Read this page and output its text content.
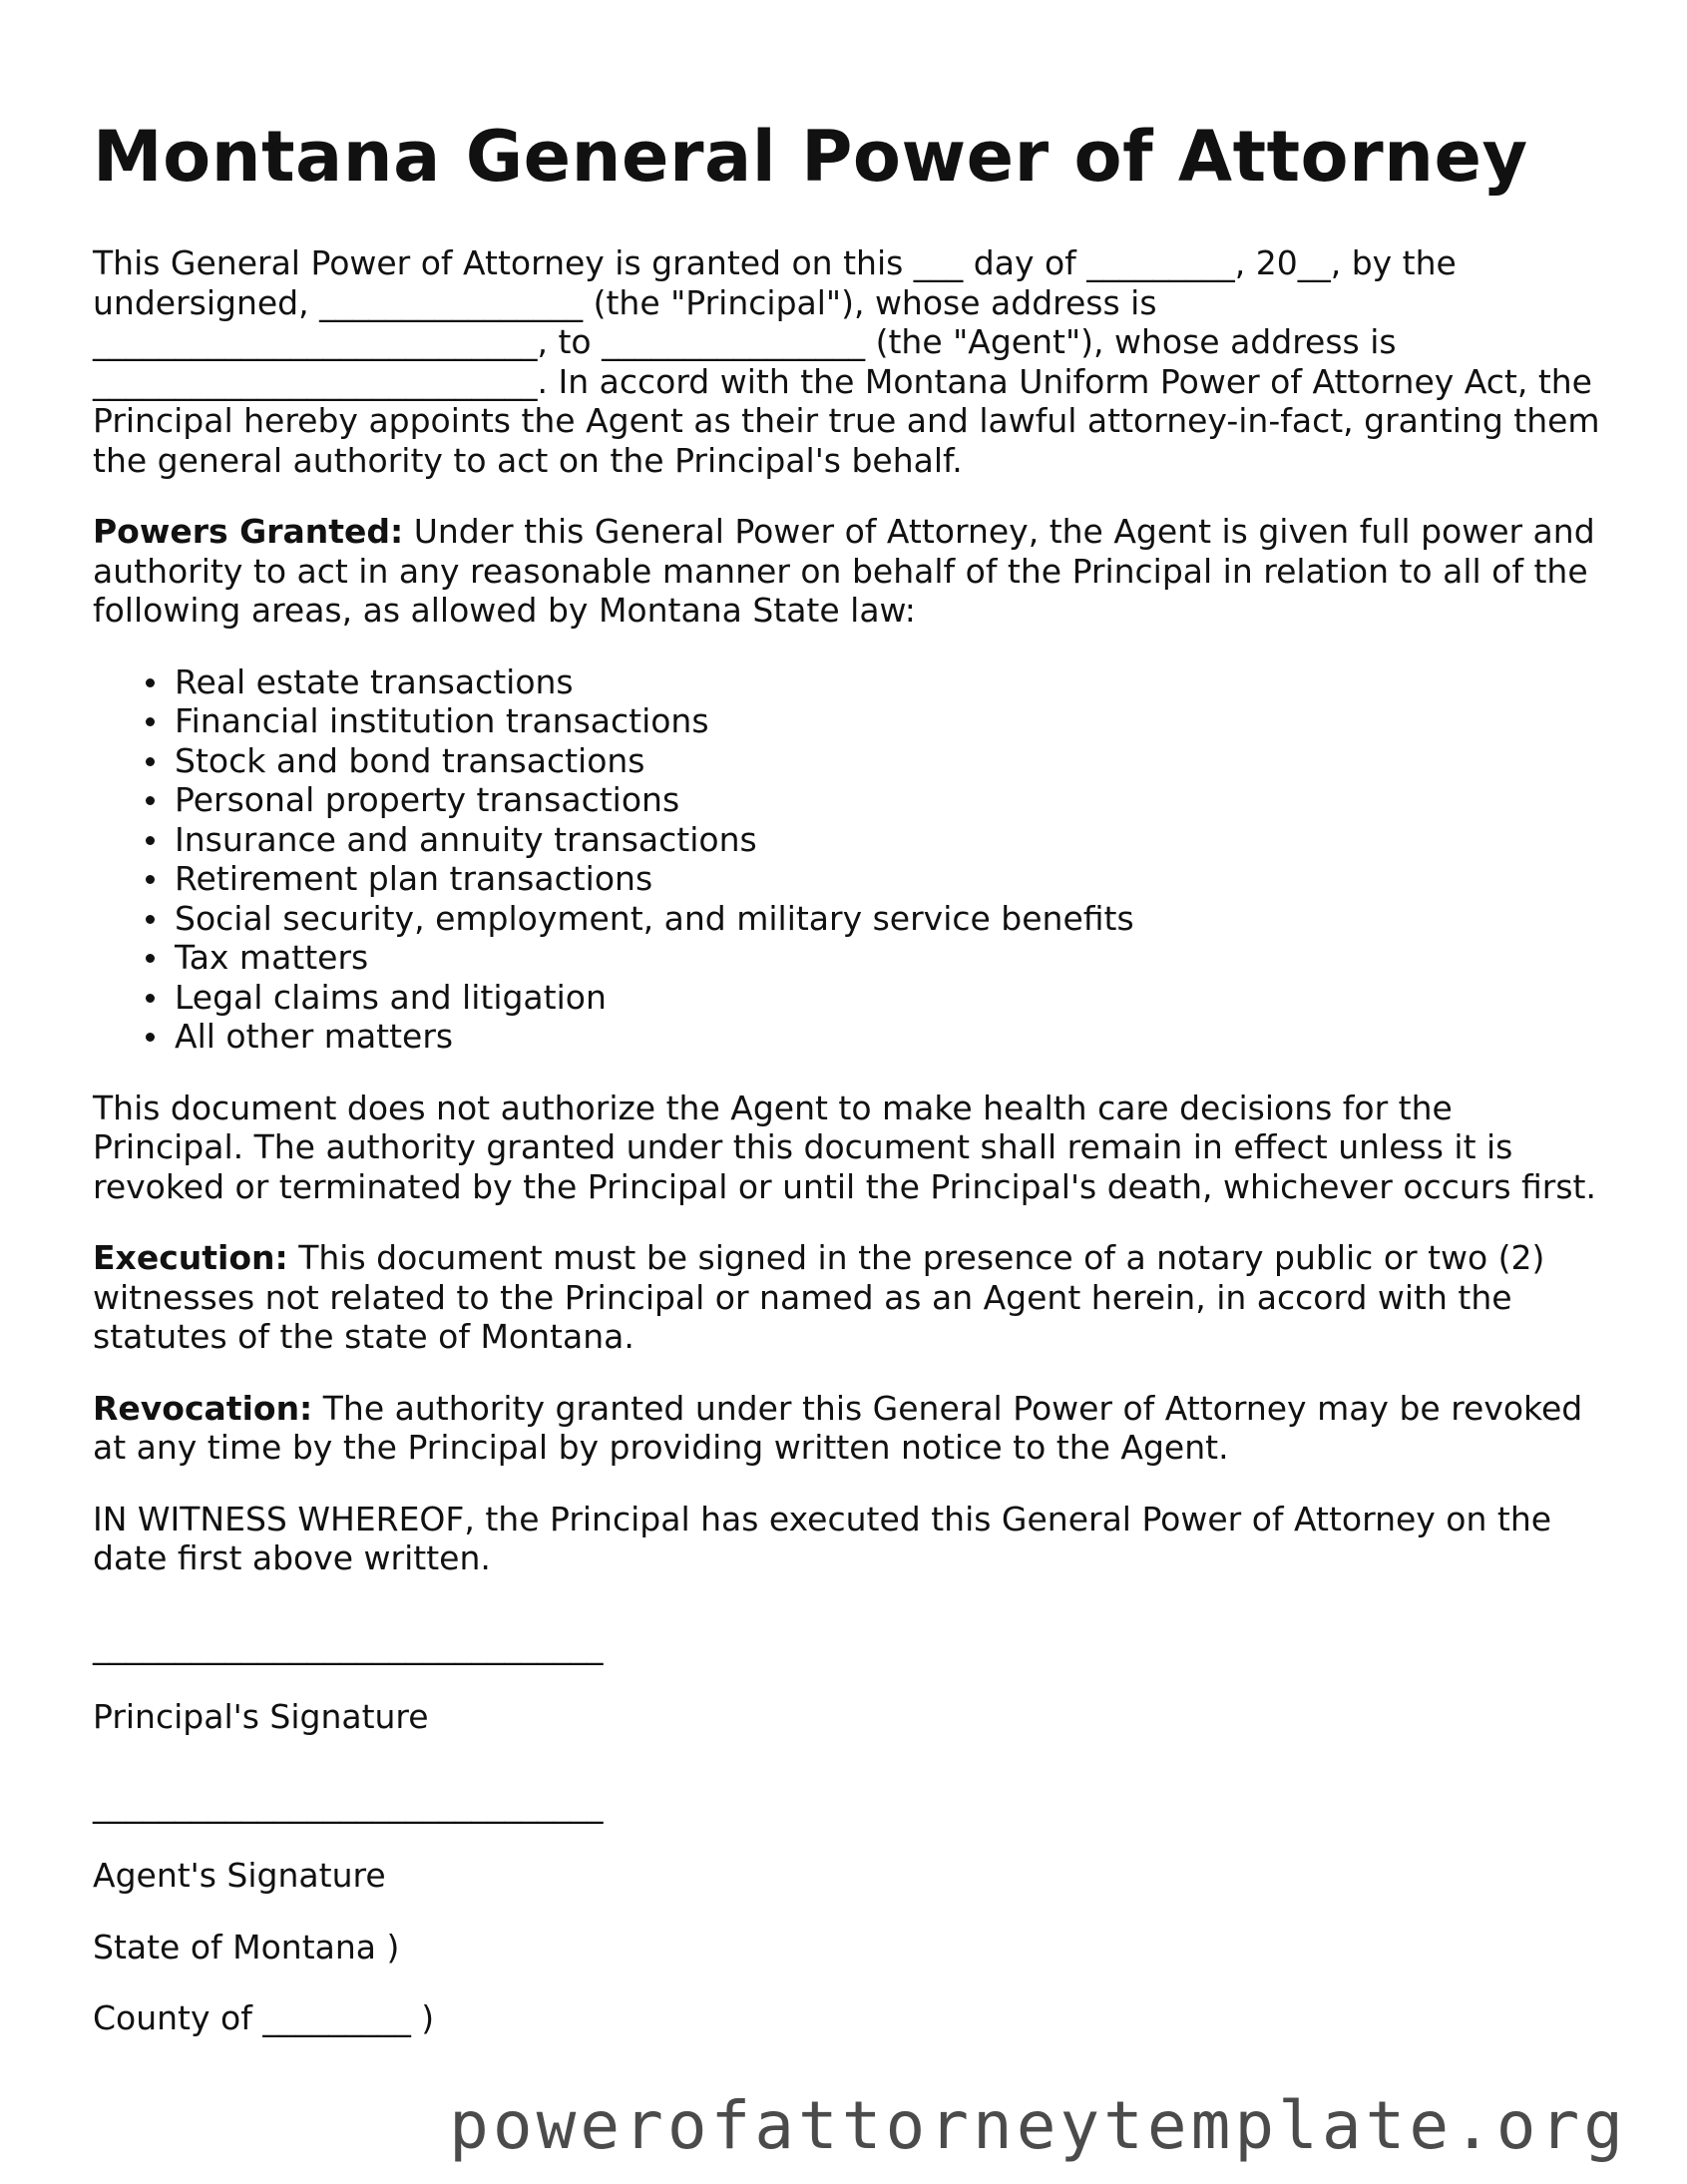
Montana General Power of Attorney

This General Power of Attorney is granted on this ___ day of _________, 20__, by the undersigned, ________________ (the "Principal"), whose address is ___________________________, to ________________ (the "Agent"), whose address is ___________________________. In accord with the Montana Uniform Power of Attorney Act, the Principal hereby appoints the Agent as their true and lawful attorney-in-fact, granting them the general authority to act on the Principal's behalf.

Powers Granted: Under this General Power of Attorney, the Agent is given full power and authority to act in any reasonable manner on behalf of the Principal in relation to all of the following areas, as allowed by Montana State law:

Real estate transactions
Financial institution transactions
Stock and bond transactions
Personal property transactions
Insurance and annuity transactions
Retirement plan transactions
Social security, employment, and military service benefits
Tax matters
Legal claims and litigation
All other matters

This document does not authorize the Agent to make health care decisions for the Principal. The authority granted under this document shall remain in effect unless it is revoked or terminated by the Principal or until the Principal's death, whichever occurs first.

Execution: This document must be signed in the presence of a notary public or two (2) witnesses not related to the Principal or named as an Agent herein, in accord with the statutes of the state of Montana.

Revocation: The authority granted under this General Power of Attorney may be revoked at any time by the Principal by providing written notice to the Agent.

IN WITNESS WHEREOF, the Principal has executed this General Power of Attorney on the date first above written.

_______________________________

Principal's Signature

_______________________________

Agent's Signature

State of Montana )

County of _________ )

powerofattorneytemplate.org
